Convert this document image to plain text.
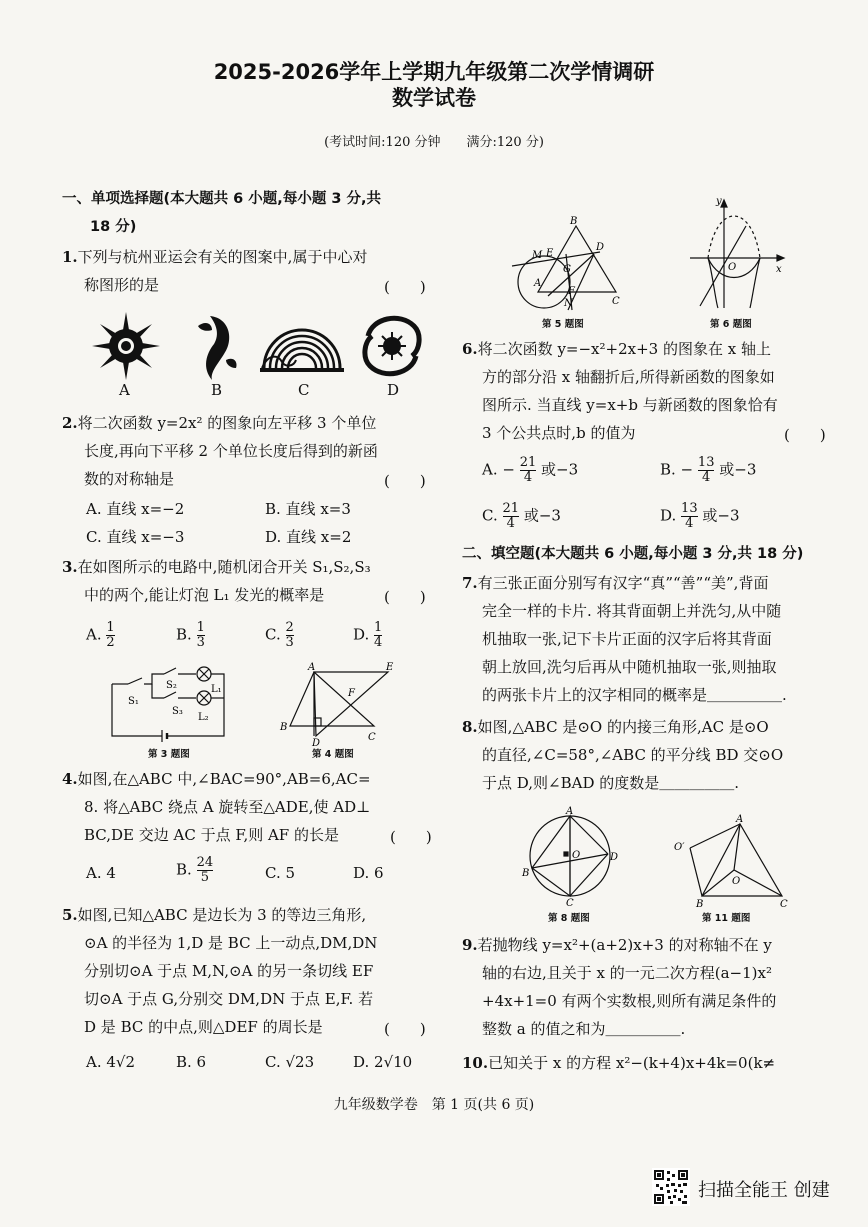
2025-2026学年上学期九年级第二次学情调研
数学试卷
(考试时间:120 分钟　　满分:120 分)
一、单项选择题(本大题共 6 小题,每小题 3 分,共
18 分)
1.下列与杭州亚运会有关的图案中,属于中心对
称图形的是	(　　)
A	B	C	D
2.将二次函数 y=2x² 的图象向左平移 3 个单位
长度,再向下平移 2 个单位长度后得到的新函
数的对称轴是	(　　)
A. 直线 x=−2	B. 直线 x=3
C. 直线 x=−3	D. 直线 x=2
3.在如图所示的电路中,随机闭合开关 S₁,S₂,S₃
中的两个,能让灯泡 L₁ 发光的概率是	(　　)
A. $\frac{1}{2}$	B. $\frac{1}{3}$	C. $\frac{2}{3}$	D. $\frac{1}{4}$
S₁
S₂
S₃
L₁
L₂
第 3 题图
A	E
F
B
C
D
第 4 题图
4.如图,在△ABC 中,∠BAC=90°,AB=6,AC=
8. 将△ABC 绕点 A 旋转至△ADE,使 AD⊥
BC,DE 交边 AC 于点 F,则 AF 的长是	(　　)
A. 4	B. $\frac{24}{5}$	C. 5	D. 6
5.如图,已知△ABC 是边长为 3 的等边三角形,
⊙A 的半径为 1,D 是 BC 上一动点,DM,DN
分别切⊙A 于点 M,N,⊙A 的另一条切线 EF
切⊙A 于点 G,分别交 DM,DN 于点 E,F. 若
D 是 BC 的中点,则△DEF 的周长是	(　　)
A. 4√2	B. 6	C. √23	D. 2√10
B
M E
D
G
A
F
N	C
第 5 题图
y
x
O
第 6 题图
6.将二次函数 y=−x²+2x+3 的图象在 x 轴上
方的部分沿 x 轴翻折后,所得新函数的图象如
图所示. 当直线 y=x+b 与新函数的图象恰有
3 个公共点时,b 的值为	(　　)
A. − $\frac{21}{4}$ 或−3	B. − $\frac{13}{4}$ 或−3
C. $\frac{21}{4}$ 或−3	D. $\frac{13}{4}$ 或−3
二、填空题(本大题共 6 小题,每小题 3 分,共 18 分)
7.有三张正面分别写有汉字“真”“善”“美”,背面
完全一样的卡片. 将其背面朝上并洗匀,从中随
机抽取一张,记下卡片正面的汉字后将其背面
朝上放回,洗匀后再从中随机抽取一张,则抽取
的两张卡片上的汉字相同的概率是＿＿＿＿＿.
8.如图,△ABC 是⊙O 的内接三角形,AC 是⊙O
的直径,∠C=58°,∠ABC 的平分线 BD 交⊙O
于点 D,则∠BAD 的度数是＿＿＿＿＿.
A
O
B
D
C
第 8 题图
A
O′
O
B	C
第 11 题图
9.若抛物线 y=x²+(a+2)x+3 的对称轴不在 y
轴的右边,且关于 x 的一元二次方程(a−1)x²
+4x+1=0 有两个实数根,则所有满足条件的
整数 a 的值之和为＿＿＿＿＿.
10.已知关于 x 的方程 x²−(k+4)x+4k=0(k≠
九年级数学卷　第 1 页(共 6 页)
扫描全能王 创建
